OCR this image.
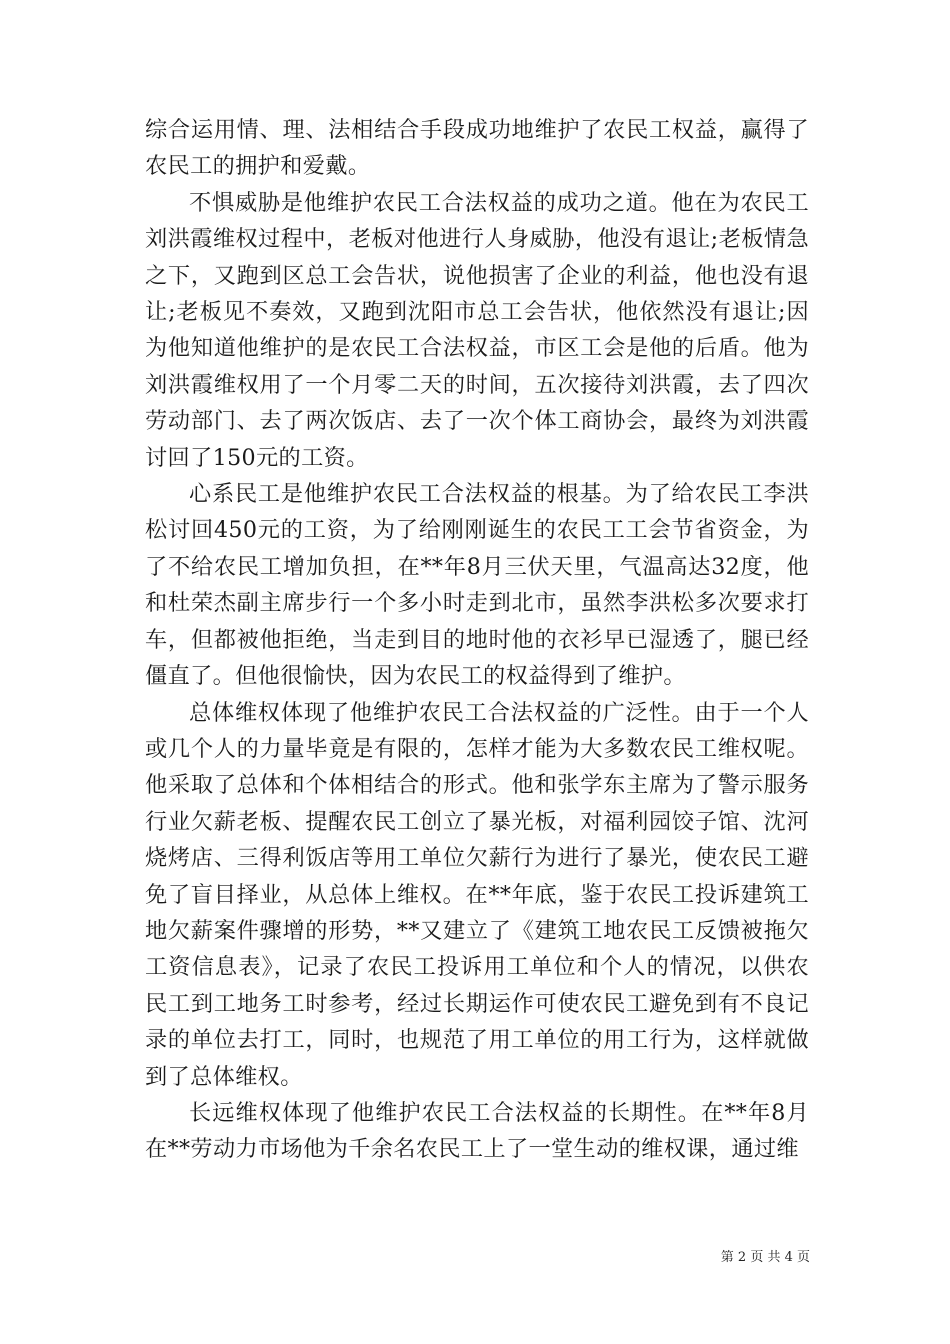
综合运用情、理、法相结合手段成功地维护了农民工权益，赢得了农民工的拥护和爱戴。

不惧威胁是他维护农民工合法权益的成功之道。他在为农民工刘洪霞维权过程中，老板对他进行人身威胁，他没有退让;老板情急之下，又跑到区总工会告状，说他损害了企业的利益，他也没有退让;老板见不奏效，又跑到沈阳市总工会告状，他依然没有退让;因为他知道他维护的是农民工合法权益，市区工会是他的后盾。他为刘洪霞维权用了一个月零二天的时间，五次接待刘洪霞，去了四次劳动部门、去了两次饭店、去了一次个体工商协会，最终为刘洪霞讨回了150元的工资。

心系民工是他维护农民工合法权益的根基。为了给农民工李洪松讨回450元的工资，为了给刚刚诞生的农民工工会节省资金，为了不给农民工增加负担，在**年8月三伏天里，气温高达32度，他和杜荣杰副主席步行一个多小时走到北市，虽然李洪松多次要求打车，但都被他拒绝，当走到目的地时他的衣衫早已湿透了，腿已经僵直了。但他很愉快，因为农民工的权益得到了维护。

总体维权体现了他维护农民工合法权益的广泛性。由于一个人或几个人的力量毕竟是有限的，怎样才能为大多数农民工维权呢。他采取了总体和个体相结合的形式。他和张学东主席为了警示服务行业欠薪老板、提醒农民工创立了暴光板，对福利园饺子馆、沈河烧烤店、三得利饭店等用工单位欠薪行为进行了暴光，使农民工避免了盲目择业，从总体上维权。在**年底，鉴于农民工投诉建筑工地欠薪案件骤增的形势，**又建立了《建筑工地农民工反馈被拖欠工资信息表》，记录了农民工投诉用工单位和个人的情况，以供农民工到工地务工时参考，经过长期运作可使农民工避免到有不良记录的单位去打工，同时，也规范了用工单位的用工行为，这样就做到了总体维权。

长远维权体现了他维护农民工合法权益的长期性。在**年8月在**劳动力市场他为千余名农民工上了一堂生动的维权课，通过维

第 2 页 共 4 页
